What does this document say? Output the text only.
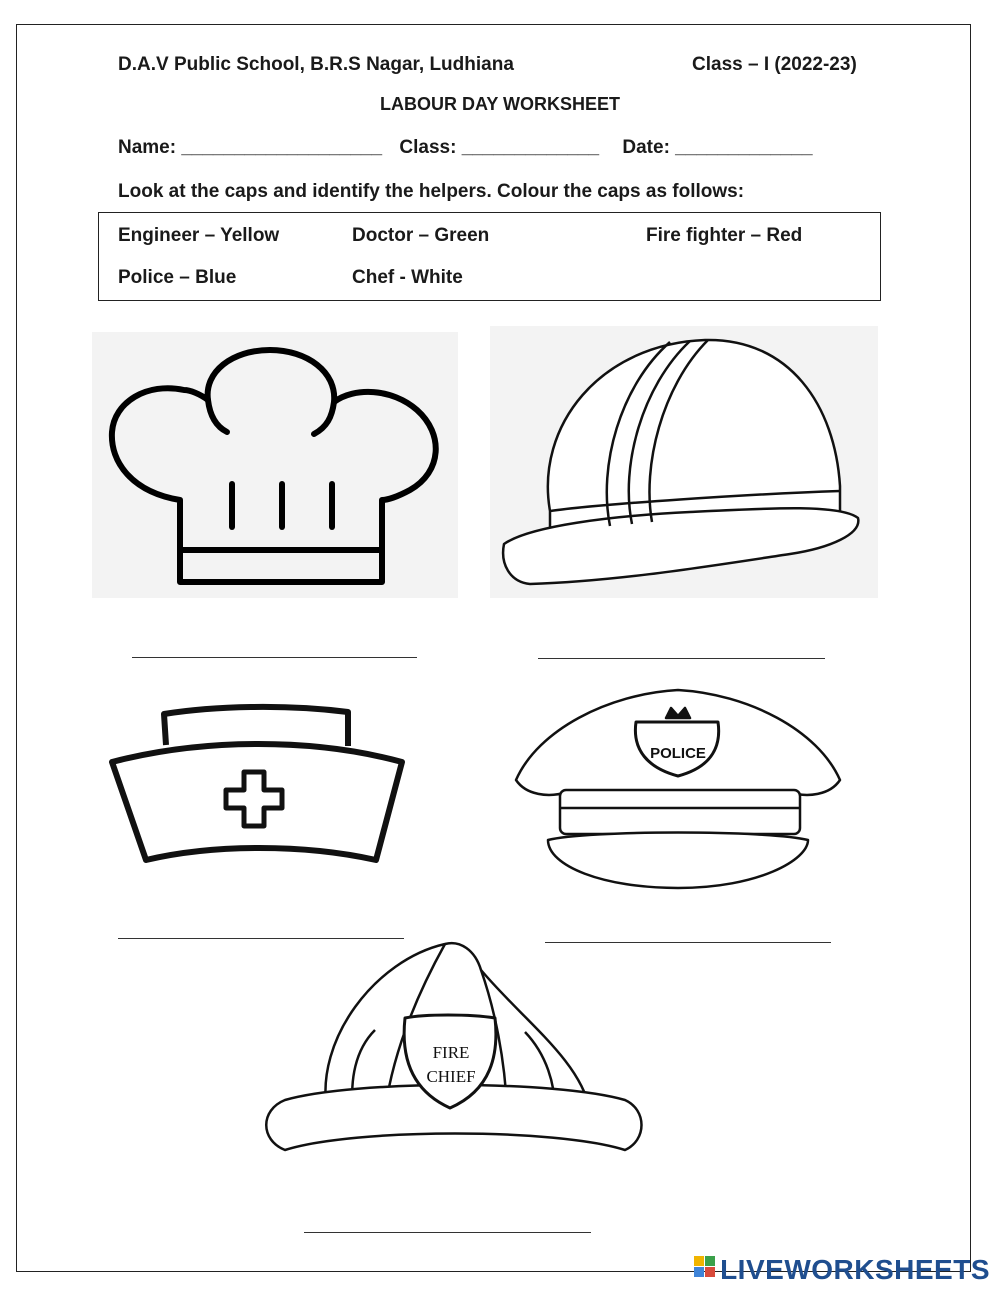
D.A.V Public School, B.R.S Nagar, Ludhiana	Class – I (2022-23)
LABOUR DAY WORKSHEET
Name: ___________________ Class: _____________ Date: _____________
Look at the caps and identify the helpers. Colour the caps as follows:
Engineer – Yellow	Doctor – Green	Fire fighter – Red
Police – Blue	Chef - White
POLICE
FIRE
CHIEF
LIVEWORKSHEETS
